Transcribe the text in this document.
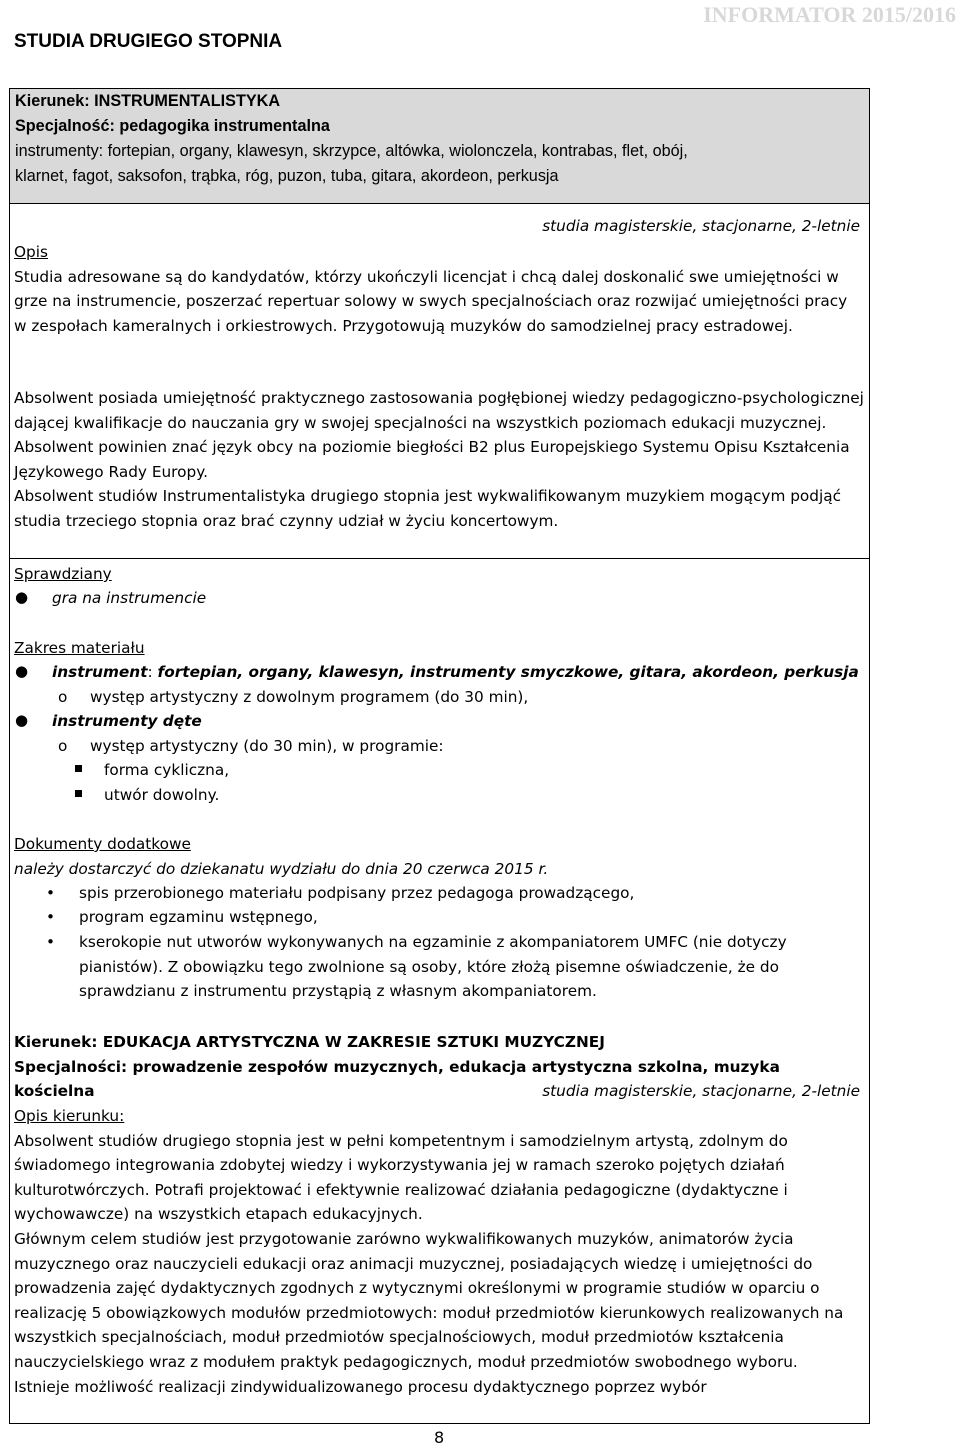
STUDIA DRUGIEGO STOPNIA
INFORMATOR 2015/2016
Kierunek: INSTRUMENTALISTYKA
Specjalność: pedagogika instrumentalna
instrumenty: fortepian, organy, klawesyn, skrzypce, altówka, wiolonczela, kontrabas, flet, obój,
klarnet, fagot, saksofon, trąbka, róg, puzon, tuba, gitara, akordeon, perkusja
studia magisterskie, stacjonarne, 2-letnie

Opis

Studia adresowane są do kandydatów, którzy ukończyli licencjat i chcą dalej doskonalić swe umiejętności w grze na instrumencie, poszerzać repertuar solowy w swych specjalnościach oraz rozwijać umiejętności pracy w zespołach kameralnych i orkiestrowych. Przygotowują muzyków do samodzielnej pracy estradowej.

Absolwent posiada umiejętność praktycznego zastosowania pogłębionej wiedzy pedagogiczno-psychologicznej dającej kwalifikacje do nauczania gry w swojej specjalności na wszystkich poziomach edukacji muzycznej. Absolwent powinien znać język obcy na poziomie biegłości B2 plus Europejskiego Systemu Opisu Kształcenia Językowego Rady Europy.

Absolwent studiów Instrumentalistyka drugiego stopnia jest wykwalifikowanym muzykiem mogącym podjąć studia trzeciego stopnia oraz brać czynny udział w życiu koncertowym.

Sprawdziany

● gra na instrumencie

Zakres materiału

● instrument: fortepian, organy, klawesyn, instrumenty smyczkowe, gitara, akordeon, perkusja
o występ artystyczny z dowolnym programem (do 30 min),
● instrumenty dęte
o występ artystyczny (do 30 min), w programie:
forma cykliczna,
utwór dowolny.

Dokumenty dodatkowe

należy dostarczyć do dziekanatu wydziału do dnia 20 czerwca 2015 r.

• spis przerobionego materiału podpisany przez pedagoga prowadzącego,
• program egzaminu wstępnego,
• kserokopie nut utworów wykonywanych na egzaminie z akompaniatorem UMFC (nie dotyczy pianistów). Z obowiązku tego zwolnione są osoby, które złożą pisemne oświadczenie, że do sprawdzianu z instrumentu przystąpią z własnym akompaniatorem.

Kierunek: EDUKACJA ARTYSTYCZNA W ZAKRESIE SZTUKI MUZYCZNEJ

Specjalności: prowadzenie zespołów muzycznych, edukacja artystyczna szkolna, muzyka kościelna	studia magisterskie, stacjonarne, 2-letnie

Opis kierunku:

Absolwent studiów drugiego stopnia jest w pełni kompetentnym i samodzielnym artystą, zdolnym do świadomego integrowania zdobytej wiedzy i wykorzystywania jej w ramach szeroko pojętych działań kulturotwórczych. Potrafi projektować i efektywnie realizować działania pedagogiczne (dydaktyczne i wychowawcze) na wszystkich etapach edukacyjnych.

Głównym celem studiów jest przygotowanie zarówno wykwalifikowanych muzyków, animatorów życia muzycznego oraz nauczycieli edukacji oraz animacji muzycznej, posiadających wiedzę i umiejętności do prowadzenia zajęć dydaktycznych zgodnych z wytycznymi określonymi w programie studiów w oparciu o realizację 5 obowiązkowych modułów przedmiotowych: moduł przedmiotów kierunkowych realizowanych na wszystkich specjalnościach, moduł przedmiotów specjalnościowych, moduł przedmiotów kształcenia nauczycielskiego wraz z modułem praktyk pedagogicznych, moduł przedmiotów swobodnego wyboru.

Istnieje możliwość realizacji zindywidualizowanego procesu dydaktycznego poprzez wybór

8
